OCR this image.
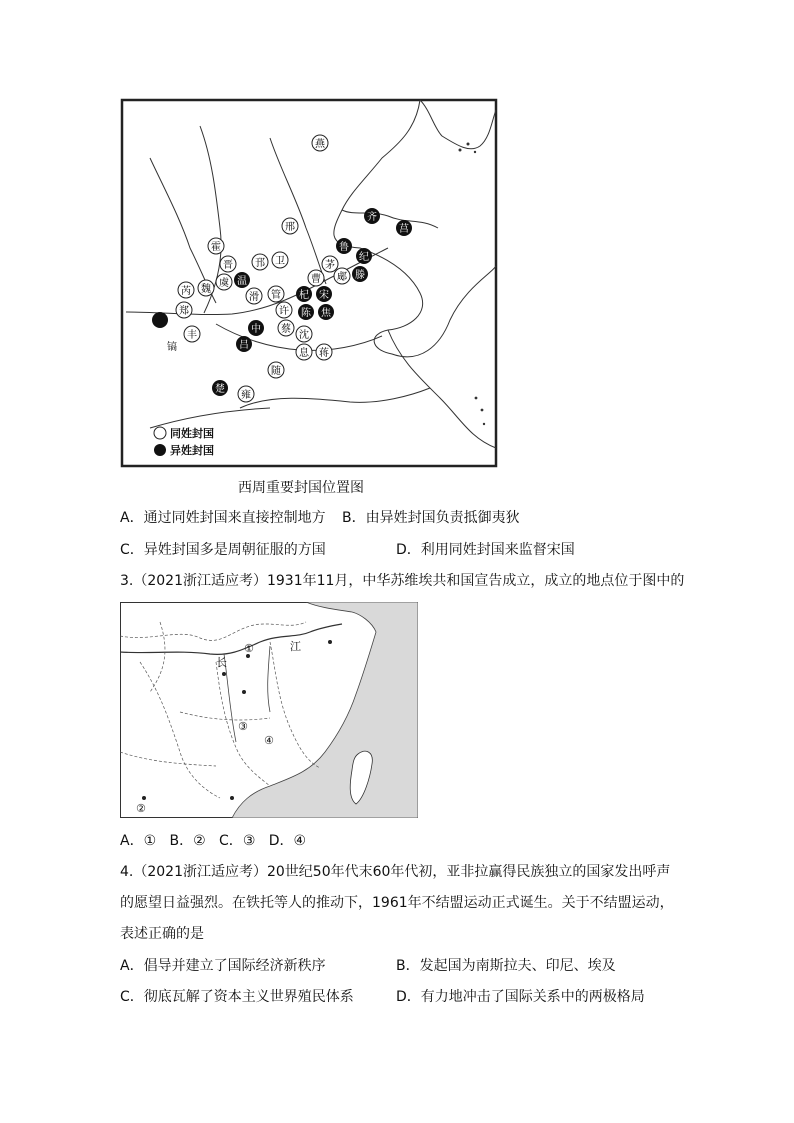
燕
邢
卫
霍
晋 邘
虞
魏
芮
郑
丰
镐
滑 管
许
蔡
沈
息 蒋
随
曹
茅
郕
雍
齐
莒
鲁
纪
滕
宋
杞
陈 焦
温
中
吕
楚
同姓封国
异姓封国
西周重要封国位置图
A．通过同姓封国来直接控制地方 B．由异姓封国负责抵御夷狄
C．异姓封国多是周朝征服的方国	D．利用同姓封国来监督宋国
3.（2021浙江适应考）1931年11月，中华苏维埃共和国宣告成立，成立的地点位于图中的
长
江
①
②
③
④
A．① B．② C．③ D．④
4.（2021浙江适应考）20世纪50年代末60年代初，亚非拉赢得民族独立的国家发出呼声
的愿望日益强烈。在铁托等人的推动下，1961年不结盟运动正式诞生。关于不结盟运动，
表述正确的是
A．倡导并建立了国际经济新秩序	B．发起国为南斯拉夫、印尼、埃及
C．彻底瓦解了资本主义世界殖民体系	D．有力地冲击了国际关系中的两极格局
